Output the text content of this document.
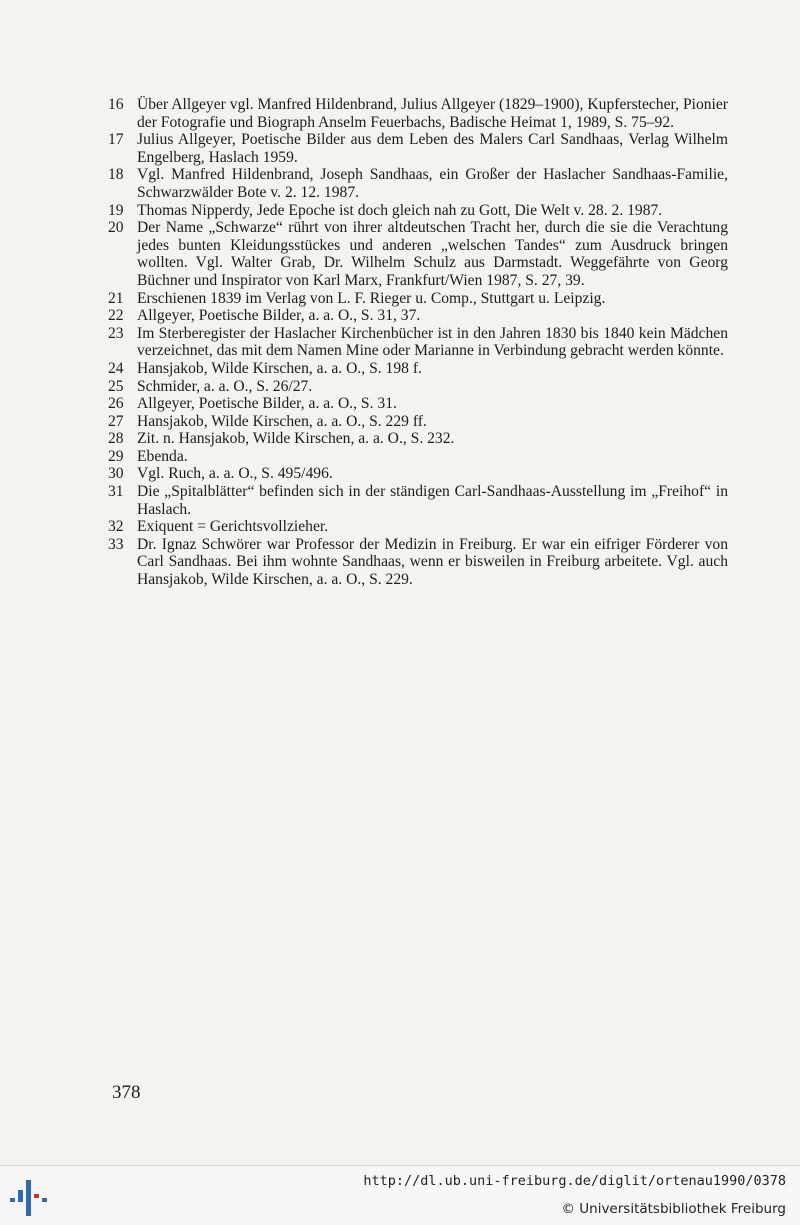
16 Über Allgeyer vgl. Manfred Hildenbrand, Julius Allgeyer (1829–1900), Kupferstecher, Pionier der Fotografie und Biograph Anselm Feuerbachs, Badische Heimat 1, 1989, S. 75–92.
17 Julius Allgeyer, Poetische Bilder aus dem Leben des Malers Carl Sandhaas, Verlag Wilhelm Engelberg, Haslach 1959.
18 Vgl. Manfred Hildenbrand, Joseph Sandhaas, ein Großer der Haslacher Sandhaas-Familie, Schwarzwälder Bote v. 2. 12. 1987.
19 Thomas Nipperdy, Jede Epoche ist doch gleich nah zu Gott, Die Welt v. 28. 2. 1987.
20 Der Name „Schwarze“ rührt von ihrer altdeutschen Tracht her, durch die sie die Verachtung jedes bunten Kleidungsstückes und anderen „welschen Tandes“ zum Ausdruck bringen wollten. Vgl. Walter Grab, Dr. Wilhelm Schulz aus Darmstadt. Weggefährte von Georg Büchner und Inspirator von Karl Marx, Frankfurt/Wien 1987, S. 27, 39.
21 Erschienen 1839 im Verlag von L. F. Rieger u. Comp., Stuttgart u. Leipzig.
22 Allgeyer, Poetische Bilder, a. a. O., S. 31, 37.
23 Im Sterberegister der Haslacher Kirchenbücher ist in den Jahren 1830 bis 1840 kein Mädchen verzeichnet, das mit dem Namen Mine oder Marianne in Verbindung gebracht werden könnte.
24 Hansjakob, Wilde Kirschen, a. a. O., S. 198 f.
25 Schmider, a. a. O., S. 26/27.
26 Allgeyer, Poetische Bilder, a. a. O., S. 31.
27 Hansjakob, Wilde Kirschen, a. a. O., S. 229 ff.
28 Zit. n. Hansjakob, Wilde Kirschen, a. a. O., S. 232.
29 Ebenda.
30 Vgl. Ruch, a. a. O., S. 495/496.
31 Die „Spitalblätter“ befinden sich in der ständigen Carl-Sandhaas-Ausstellung im „Freihof“ in Haslach.
32 Exiquent = Gerichtsvollzieher.
33 Dr. Ignaz Schwörer war Professor der Medizin in Freiburg. Er war ein eifriger Förderer von Carl Sandhaas. Bei ihm wohnte Sandhaas, wenn er bisweilen in Freiburg arbeitete. Vgl. auch Hansjakob, Wilde Kirschen, a. a. O., S. 229.
378
http://dl.ub.uni-freiburg.de/diglit/ortenau1990/0378
© Universitätsbibliothek Freiburg
